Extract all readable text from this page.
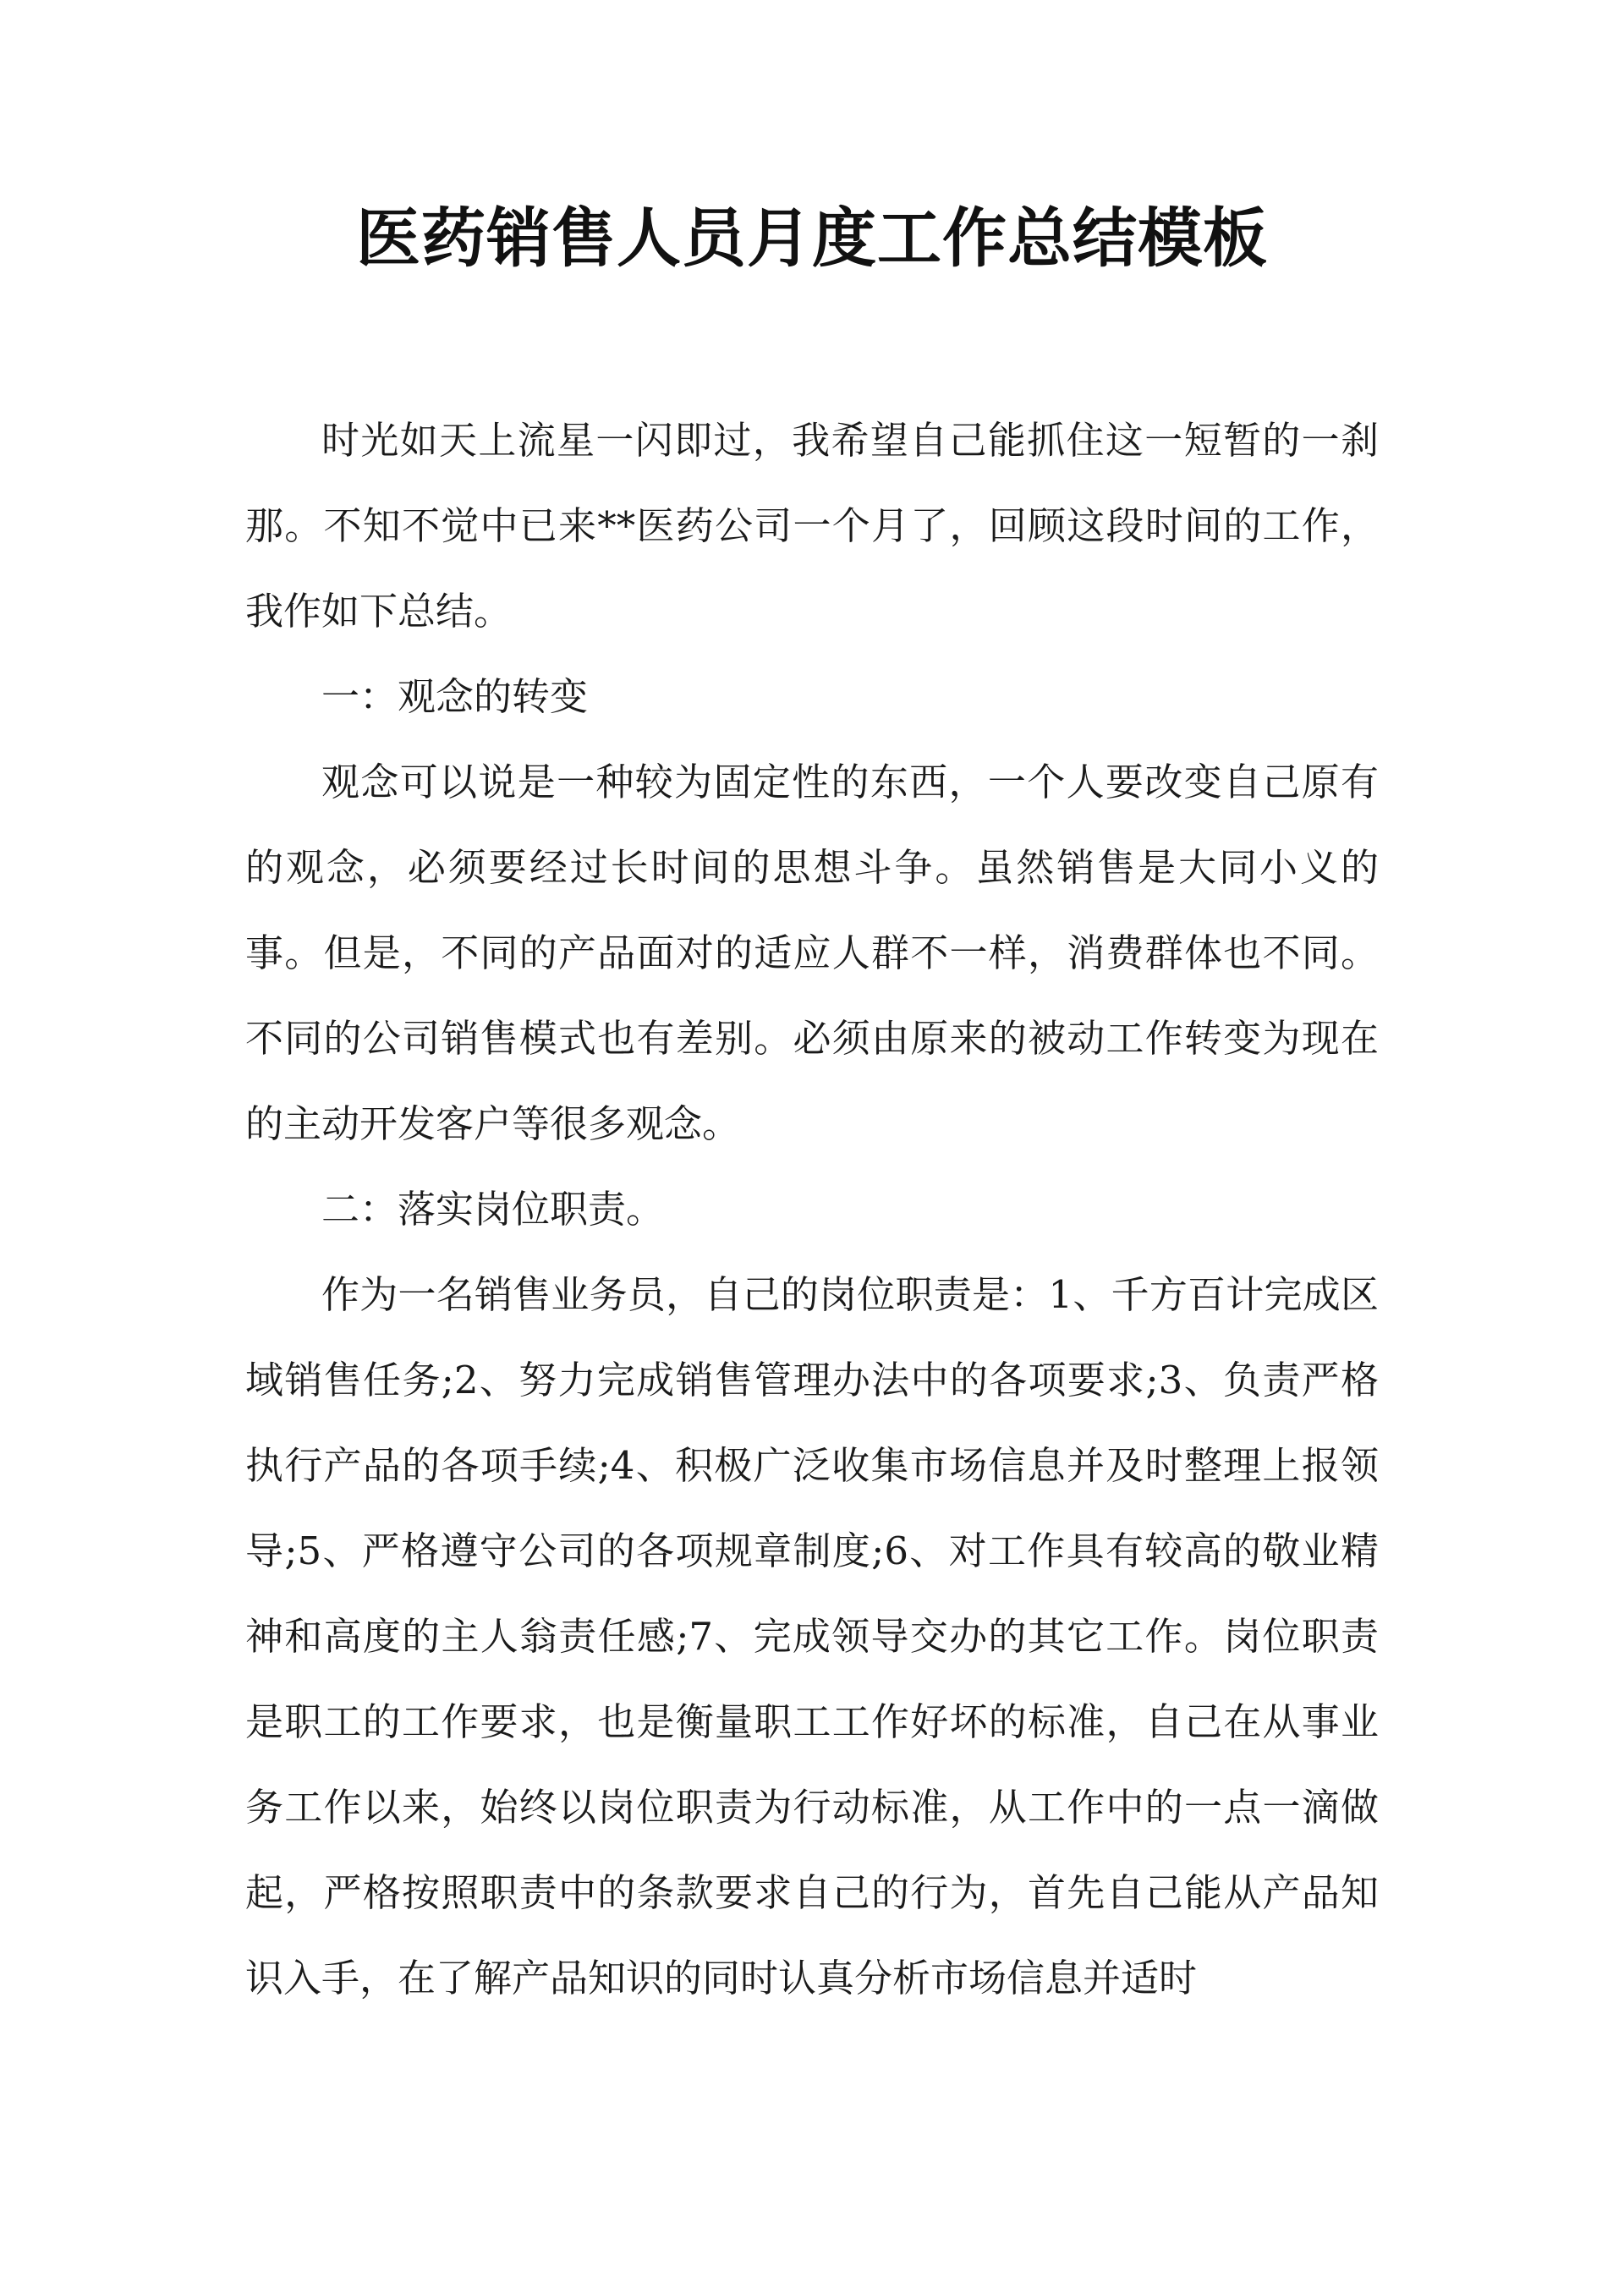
医药销售人员月度工作总结模板

时光如天上流星一闪即过，我希望自己能抓住这一短暂的一刹那。不知不觉中已来**医药公司一个月了，回顾这段时间的工作，我作如下总结。

一：观念的转变

观念可以说是一种较为固定性的东西，一个人要改变自己原有的观念，必须要经过长时间的思想斗争。虽然销售是大同小义的事。但是，不同的产品面对的适应人群不一样，消费群体也不同。不同的公司销售模式也有差别。必须由原来的被动工作转变为现在的主动开发客户等很多观念。

二：落实岗位职责。

作为一名销售业务员，自己的岗位职责是：1、千方百计完成区域销售任务;2、努力完成销售管理办法中的各项要求;3、负责严格执行产品的各项手续;4、积极广泛收集市场信息并及时整理上报领导;5、严格遵守公司的各项规章制度;6、对工作具有较高的敬业精神和高度的主人翁责任感;7、完成领导交办的其它工作。岗位职责是职工的工作要求，也是衡量职工工作好坏的标准，自己在从事业务工作以来，始终以岗位职责为行动标准，从工作中的一点一滴做起，严格按照职责中的条款要求自己的行为，首先自己能从产品知识入手，在了解产品知识的同时认真分析市场信息并适时
